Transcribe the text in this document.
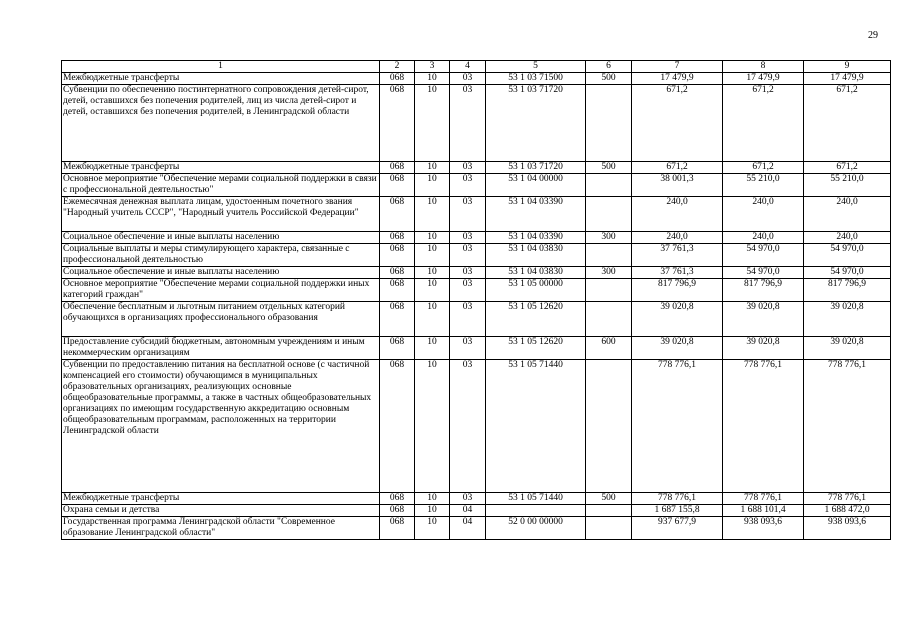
29
1	2	3	4	5	6	7	8	9
Межбюджетные трансферты	068	10	03	53 1 03 71500	500	17 479,9	17 479,9	17 479,9
Субвенции по обеспечению постинтернатного сопровождения детей-сирот, детей, оставшихся без попечения родителей, лиц из числа детей-сирот и детей, оставшихся без попечения родителей, в Ленинградской области	068	10	03	53 1 03 71720		671,2	671,2	671,2
Межбюджетные трансферты	068	10	03	53 1 03 71720	500	671,2	671,2	671,2
Основное мероприятие "Обеспечение мерами социальной поддержки в связи с профессиональной деятельностью"	068	10	03	53 1 04 00000		38 001,3	55 210,0	55 210,0
Ежемесячная денежная выплата лицам, удостоенным почетного звания "Народный учитель СССР", "Народный учитель Российской Федерации"	068	10	03	53 1 04 03390		240,0	240,0	240,0
Социальное обеспечение и иные выплаты населению	068	10	03	53 1 04 03390	300	240,0	240,0	240,0
Социальные выплаты и меры стимулирующего характера, связанные с профессиональной деятельностью	068	10	03	53 1 04 03830		37 761,3	54 970,0	54 970,0
Социальное обеспечение и иные выплаты населению	068	10	03	53 1 04 03830	300	37 761,3	54 970,0	54 970,0
Основное мероприятие "Обеспечение мерами социальной поддержки иных категорий граждан"	068	10	03	53 1 05 00000		817 796,9	817 796,9	817 796,9
Обеспечение бесплатным и льготным питанием отдельных категорий обучающихся в организациях профессионального образования	068	10	03	53 1 05 12620		39 020,8	39 020,8	39 020,8
Предоставление субсидий бюджетным, автономным учреждениям и иным некоммерческим организациям	068	10	03	53 1 05 12620	600	39 020,8	39 020,8	39 020,8
Субвенции по предоставлению питания на бесплатной основе (с частичной компенсацией его стоимости) обучающимся в муниципальных образовательных организациях, реализующих основные общеобразовательные программы, а также в частных общеобразовательных организациях по имеющим государственную аккредитацию основным общеобразовательным программам, расположенных на территории Ленинградской области	068	10	03	53 1 05 71440		778 776,1	778 776,1	778 776,1
Межбюджетные трансферты	068	10	03	53 1 05 71440	500	778 776,1	778 776,1	778 776,1
Охрана семьи и детства	068	10	04			1 687 155,8	1 688 101,4	1 688 472,0
Государственная программа Ленинградской области "Современное образование Ленинградской области"	068	10	04	52 0 00 00000		937 677,9	938 093,6	938 093,6
